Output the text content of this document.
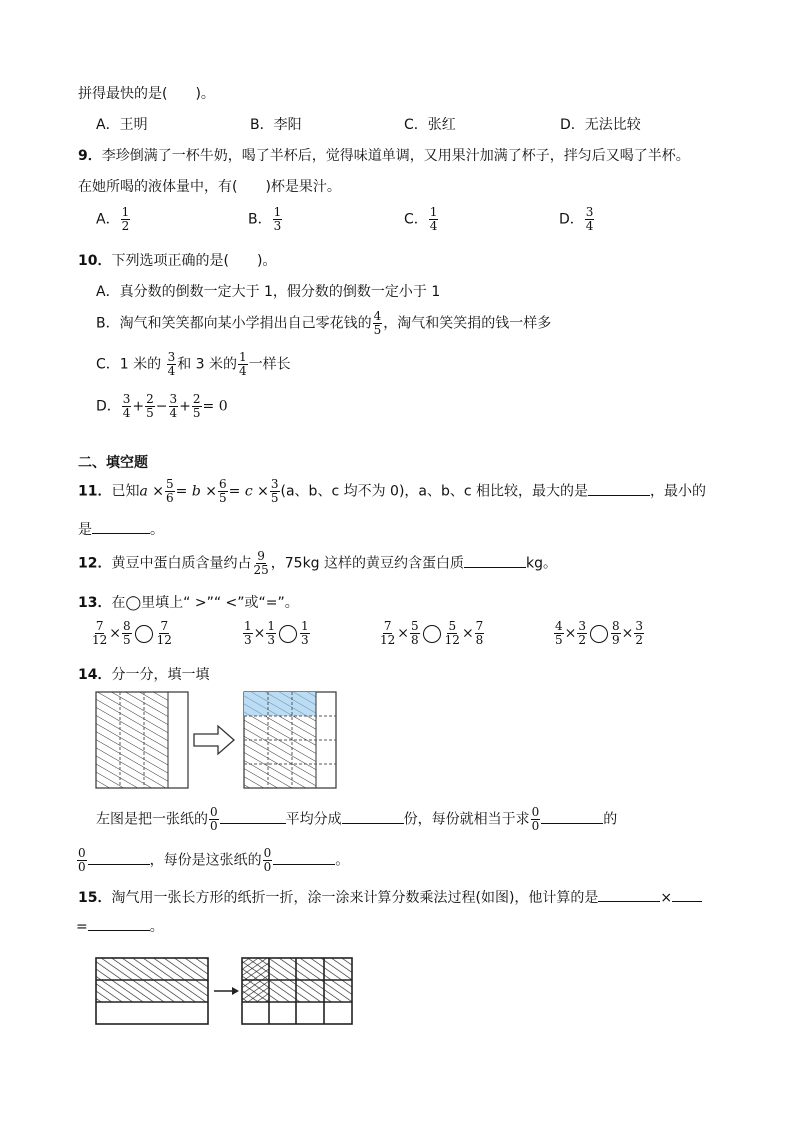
拼得最快的是(　　)。
A．王明	B．李阳	C．张红	D．无法比较
9．李珍倒满了一杯牛奶，喝了半杯后，觉得味道单调，又用果汁加满了杯子，拌匀后又喝了半杯。
在她所喝的液体量中，有(　　)杯是果汁。
A． $\frac{1}{2}$	B． $\frac{1}{3}$	C． $\frac{1}{4}$	D． $\frac{3}{4}$
10．下列选项正确的是(　　)。
A．真分数的倒数一定大于 1，假分数的倒数一定小于 1
B．淘气和笑笑都向某小学捐出自己零花钱的 $\frac{4}{5}$ ，淘气和笑笑捐的钱一样多
C．1 米的 $\frac{3}{4}$ 和 3 米的 $\frac{1}{4}$ 一样长
D． $\frac{3}{4} + \frac{2}{5} - \frac{3}{4} + \frac{2}{5} = 0$
二、填空题
11．已知$a \times \frac{5}{6} = b \times \frac{6}{5} = c \times \frac{3}{5} (a$、b、c 均不为 0)，a、b、c 相比较，最大的是	，最小的
是	。
12．黄豆中蛋白质含量约占 $\frac{9}{25}$ ，75kg 这样的黄豆约含蛋白质	kg。
13．在◯里填上“ >”“ <”或“=”。
$\frac{7}{12} \times \frac{8}{5} \frac{7}{12}$	$\frac{1}{3} \times \frac{1}{3} \frac{1}{3}$	$\frac{7}{12} \times \frac{5}{8} \frac{5}{12} \times \frac{7}{8}$	$\frac{4}{5} \times \frac{3}{2} \frac{8}{9} \times \frac{3}{2}$
14．分一分，填一填
左图是把一张纸的 $\frac{0}{0}$	平均分成	份，每份就相当于求 $\frac{0}{0}$	的
$\frac{0}{0}$	，每份是这张纸的 $\frac{0}{0}$	。
15．淘气用一张长方形的纸折一折，涂一涂来计算分数乘法过程(如图)，他计算的是	×
=	。
